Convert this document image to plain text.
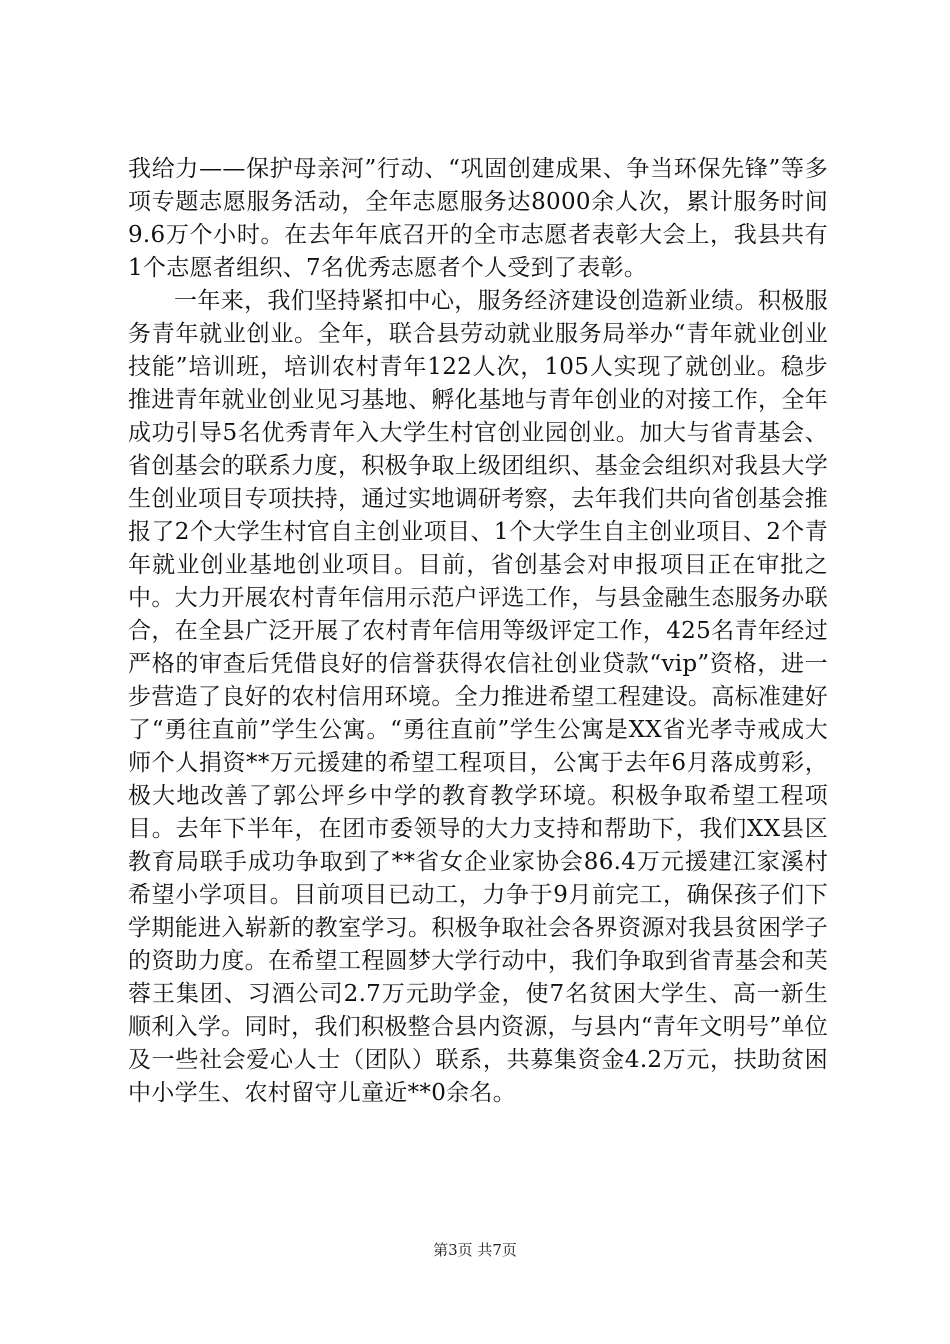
我给力——保护母亲河”行动、“巩固创建成果、争当环保先锋”等多项专题志愿服务活动，全年志愿服务达8000余人次，累计服务时间9.6万个小时。在去年年底召开的全市志愿者表彰大会上，我县共有1个志愿者组织、7名优秀志愿者个人受到了表彰。

一年来，我们坚持紧扣中心，服务经济建设创造新业绩。积极服务青年就业创业。全年，联合县劳动就业服务局举办“青年就业创业技能”培训班，培训农村青年122人次，105人实现了就创业。稳步推进青年就业创业见习基地、孵化基地与青年创业的对接工作，全年成功引导5名优秀青年入大学生村官创业园创业。加大与省青基会、省创基会的联系力度，积极争取上级团组织、基金会组织对我县大学生创业项目专项扶持，通过实地调研考察，去年我们共向省创基会推报了2个大学生村官自主创业项目、1个大学生自主创业项目、2个青年就业创业基地创业项目。目前，省创基会对申报项目正在审批之中。大力开展农村青年信用示范户评选工作，与县金融生态服务办联合，在全县广泛开展了农村青年信用等级评定工作，425名青年经过严格的审查后凭借良好的信誉获得农信社创业贷款“vip”资格，进一步营造了良好的农村信用环境。全力推进希望工程建设。高标准建好了“勇往直前”学生公寓。“勇往直前”学生公寓是XX省光孝寺戒成大师个人捐资**万元援建的希望工程项目，公寓于去年6月落成剪彩，极大地改善了郭公坪乡中学的教育教学环境。积极争取希望工程项目。去年下半年，在团市委领导的大力支持和帮助下，我们XX县区教育局联手成功争取到了**省女企业家协会86.4万元援建江家溪村希望小学项目。目前项目已动工，力争于9月前完工，确保孩子们下学期能进入崭新的教室学习。积极争取社会各界资源对我县贫困学子的资助力度。在希望工程圆梦大学行动中，我们争取到省青基会和芙蓉王集团、习酒公司2.7万元助学金，使7名贫困大学生、高一新生顺利入学。同时，我们积极整合县内资源，与县内“青年文明号”单位及一些社会爱心人士（团队）联系，共募集资金4.2万元，扶助贫困中小学生、农村留守儿童近**0余名。

第3页 共7页
